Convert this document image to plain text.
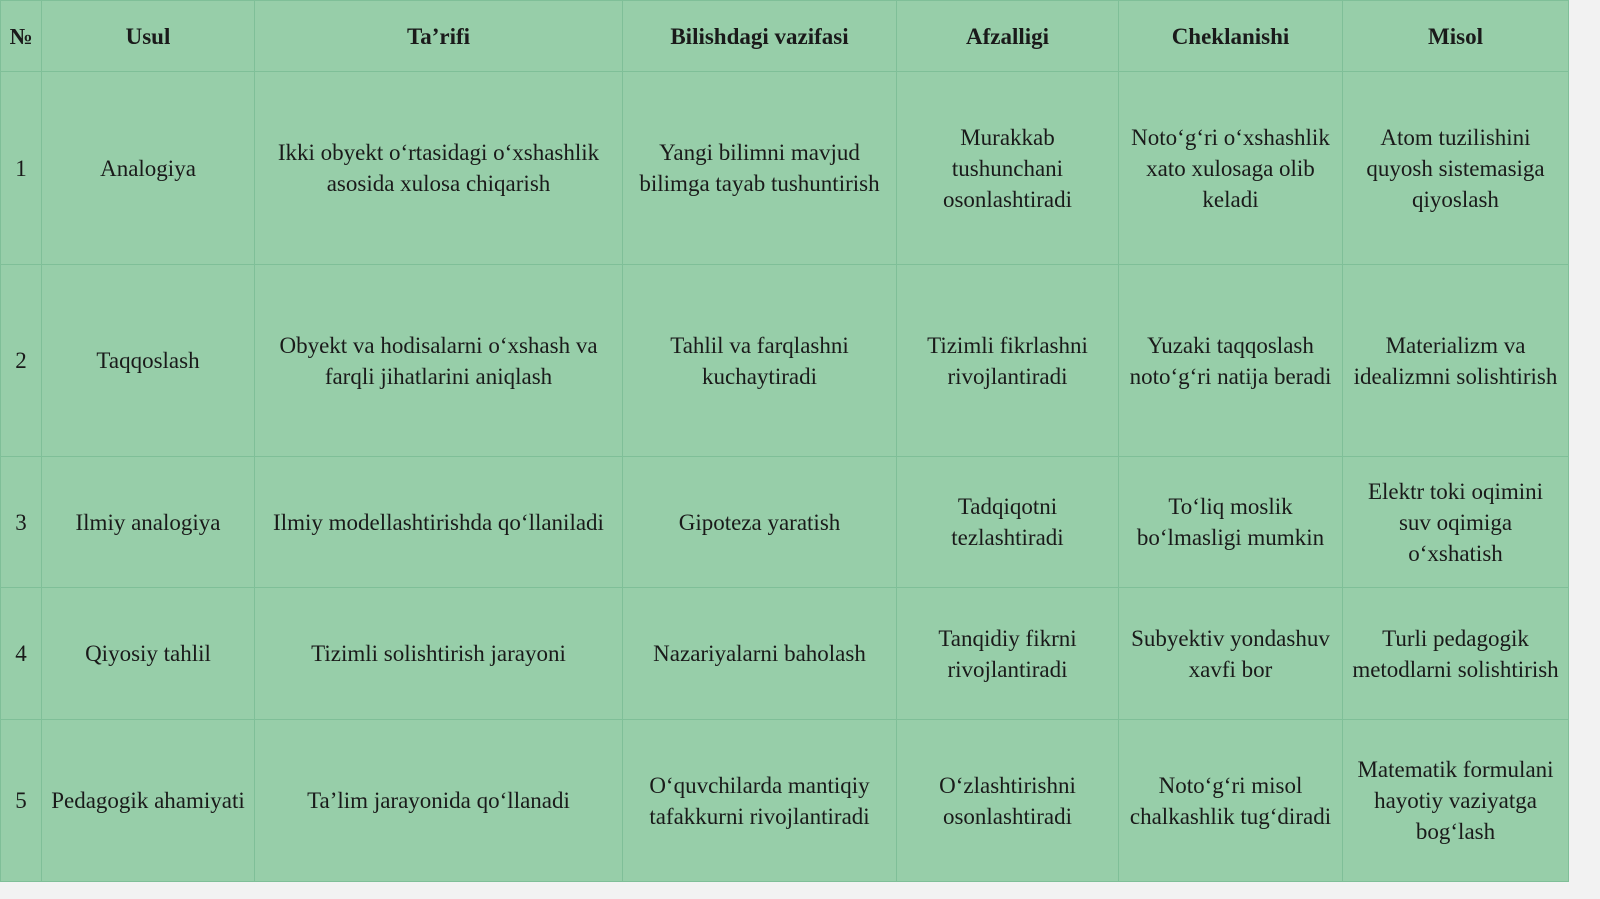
№	Usul	Ta’rifi	Bilishdagi vazifasi	Afzalligi	Cheklanishi	Misol
1	Analogiya	Ikki obyekt o‘rtasidagi o‘xshashlik asosida xulosa chiqarish	Yangi bilimni mavjud bilimga tayab tushuntirish	Murakkab tushunchani osonlashtiradi	Noto‘g‘ri o‘xshashlik xato xulosaga olib keladi	Atom tuzilishini quyosh sistemasiga qiyoslash
2	Taqqoslash	Obyekt va hodisalarni o‘xshash va farqli jihatlarini aniqlash	Tahlil va farqlashni kuchaytiradi	Tizimli fikrlashni rivojlantiradi	Yuzaki taqqoslash noto‘g‘ri natija beradi	Materializm va idealizmni solishtirish
3	Ilmiy analogiya	Ilmiy modellashtirishda qo‘llaniladi	Gipoteza yaratish	Tadqiqotni tezlashtiradi	To‘liq moslik bo‘lmasligi mumkin	Elektr toki oqimini suv oqimiga o‘xshatish
4	Qiyosiy tahlil	Tizimli solishtirish jarayoni	Nazariyalarni baholash	Tanqidiy fikrni rivojlantiradi	Subyektiv yondashuv xavfi bor	Turli pedagogik metodlarni solishtirish
5	Pedagogik ahamiyati	Ta’lim jarayonida qo‘llanadi	O‘quvchilarda mantiqiy tafakkurni rivojlantiradi	O‘zlashtirishni osonlashtiradi	Noto‘g‘ri misol chalkashlik tug‘diradi	Matematik formulani hayotiy vaziyatga bog‘lash
